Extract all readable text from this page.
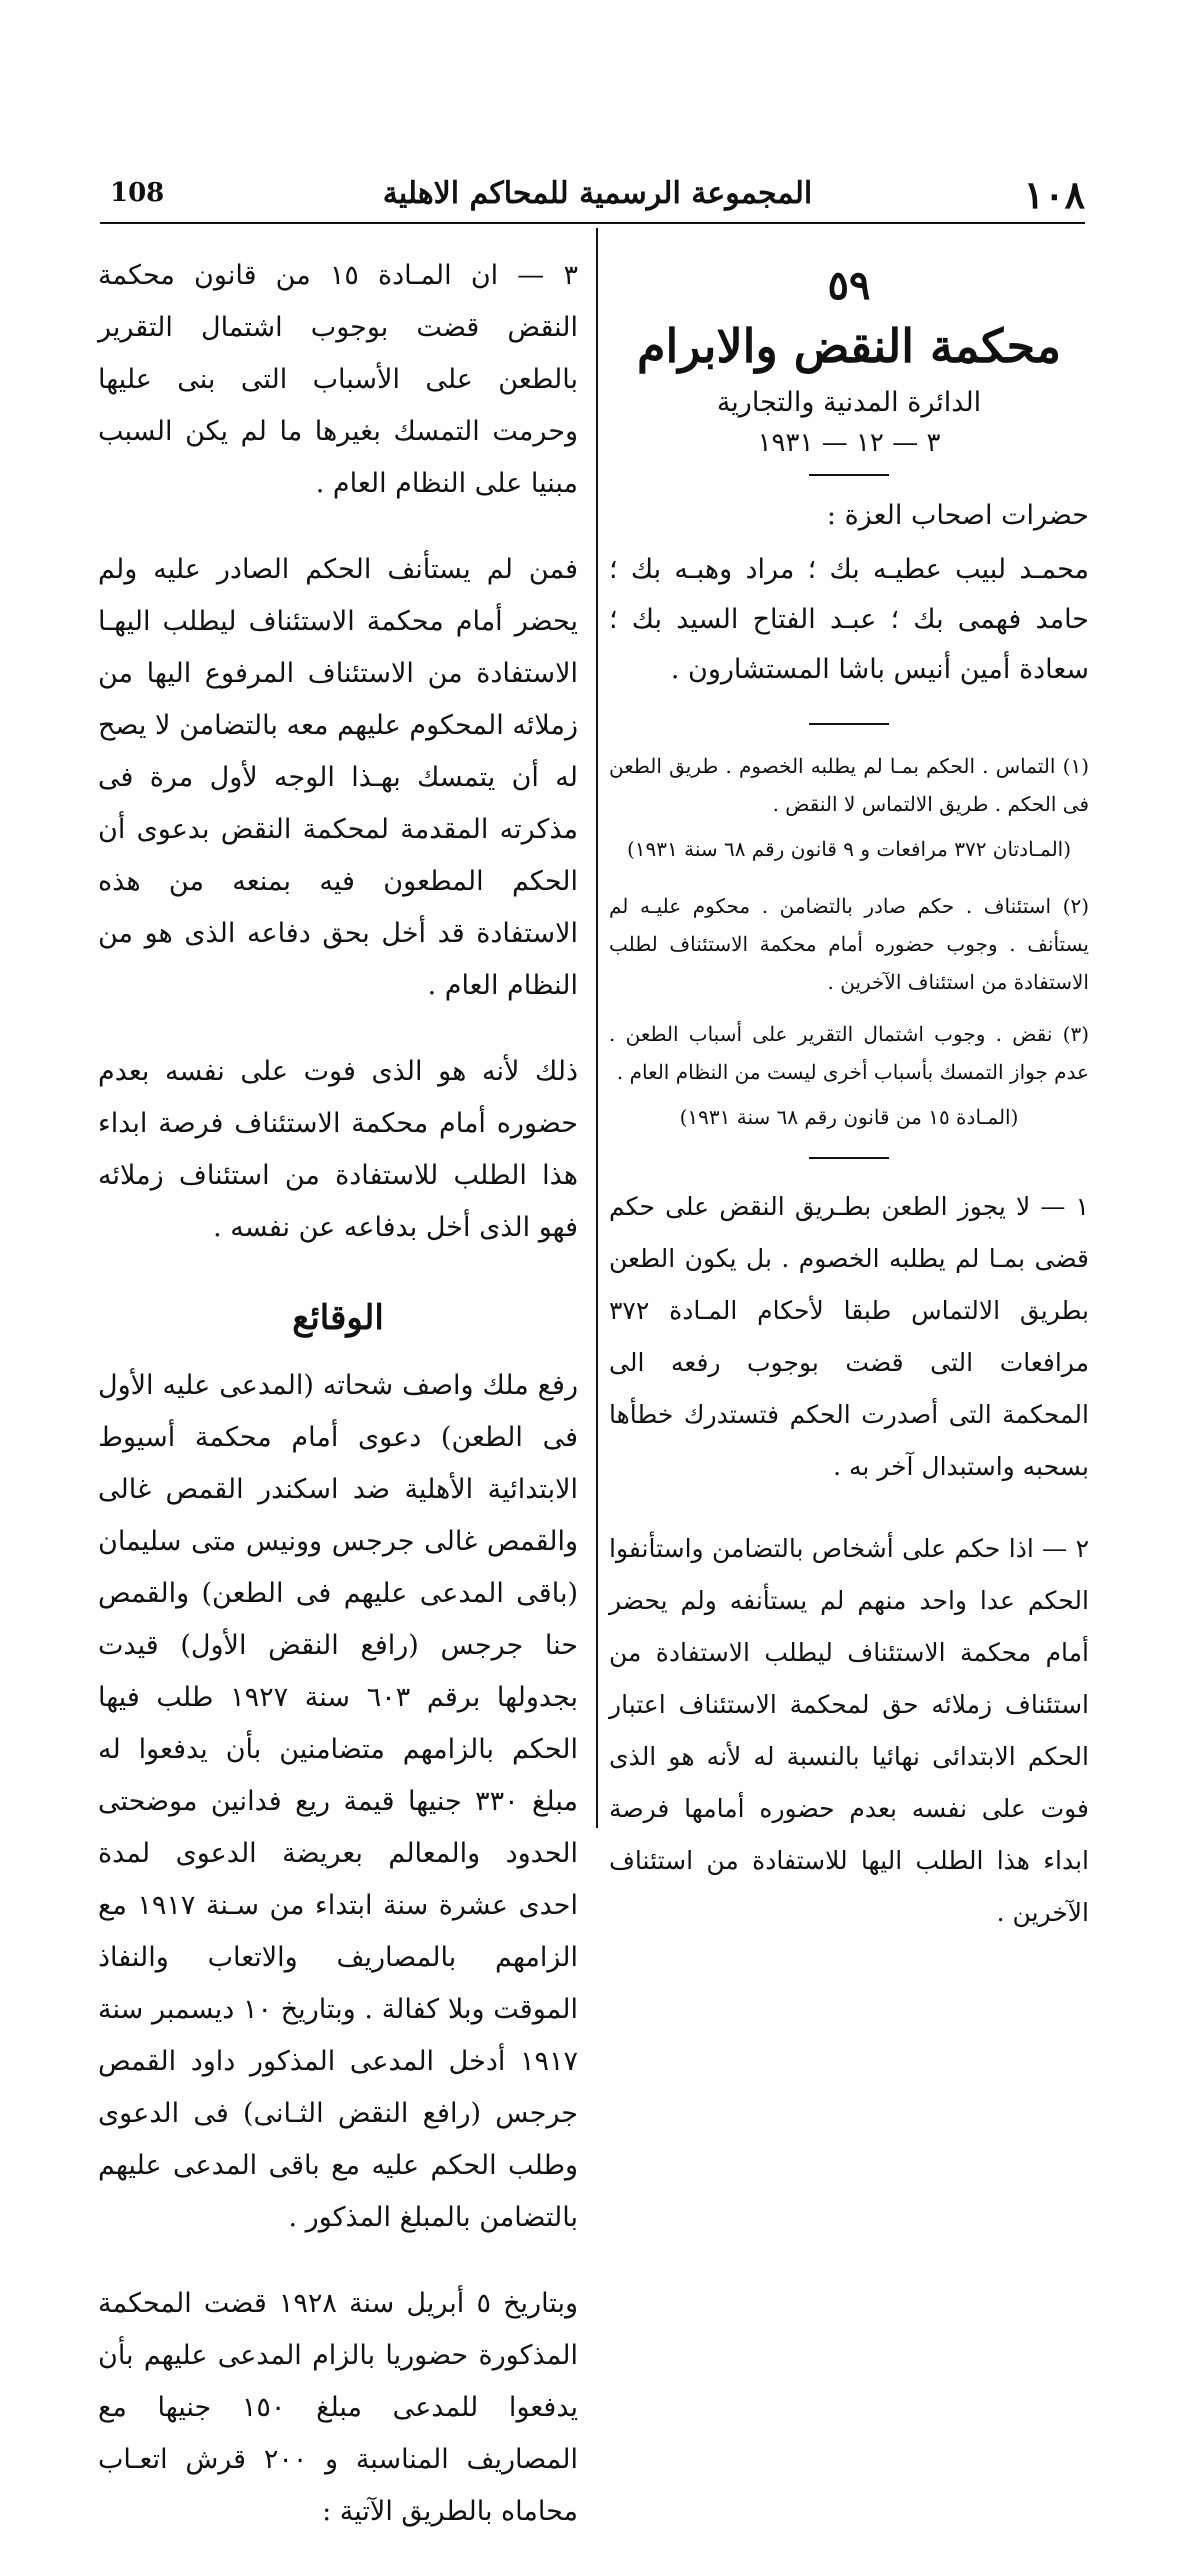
١٠٨
المجموعة الرسمية للمحاكم الاهلية
108
٥٩
محكمة النقض والابرام
الدائرة المدنية والتجارية
٣ — ١٢ — ١٩٣١
حضرات اصحاب العزة :

محمـد لبيب عطيـه بك ؛ مراد وهبـه بك ؛ حامد فهمى بك ؛ عبـد الفتاح السيد بك ؛ سعادة أمين أنيس باشا المستشارون .

(١) التماس . الحكم بمـا لم يطلبه الخصوم . طريق الطعن فى الحكم . طريق الالتماس لا النقض .

(المـادتان ٣٧٢ مرافعات و ٩ قانون رقم ٦٨ سنة ١٩٣١)

(٢) استئناف . حكم صادر بالتضامن . محكوم عليـه لم يستأنف . وجوب حضوره أمام محكمة الاستئناف لطلب الاستفادة من استئناف الآخرين .

(٣) نقض . وجوب اشتمال التقرير على أسباب الطعن . عدم جواز التمسك بأسباب أخرى ليست من النظام العام .

(المـادة ١٥ من قانون رقم ٦٨ سنة ١٩٣١)

١ — لا يجوز الطعن بطـريق النقض على حكم قضى بمـا لم يطلبه الخصوم . بل يكون الطعن بطريق الالتماس طبقا لأحكام المـادة ٣٧٢ مرافعات التى قضت بوجوب رفعه الى المحكمة التى أصدرت الحكم فتستدرك خطأها بسحبه واستبدال آخر به .

٢ — اذا حكم على أشخاص بالتضامن واستأنفوا الحكم عدا واحد منهم لم يستأنفه ولم يحضر أمام محكمة الاستئناف ليطلب الاستفادة من استئناف زملائه حق لمحكمة الاستئناف اعتبار الحكم الابتدائى نهائيا بالنسبة له لأنه هو الذى فوت على نفسه بعدم حضوره أمامها فرصة ابداء هذا الطلب اليها للاستفادة من استئناف الآخرين .

٣ — ان المـادة ١٥ من قانون محكمة النقض قضت بوجوب اشتمال التقرير بالطعن على الأسباب التى بنى عليها وحرمت التمسك بغيرها ما لم يكن السبب مبنيا على النظام العام .

فمن لم يستأنف الحكم الصادر عليه ولم يحضر أمام محكمة الاستئناف ليطلب اليهـا الاستفادة من الاستئناف المرفوع اليها من زملائه المحكوم عليهم معه بالتضامن لا يصح له أن يتمسك بهـذا الوجه لأول مرة فى مذكرته المقدمة لمحكمة النقض بدعوى أن الحكم المطعون فيه بمنعه من هذه الاستفادة قد أخل بحق دفاعه الذى هو من النظام العام .

ذلك لأنه هو الذى فوت على نفسه بعدم حضوره أمام محكمة الاستئناف فرصة ابداء هذا الطلب للاستفادة من استئناف زملائه فهو الذى أخل بدفاعه عن نفسه .

الوقائع

رفع ملك واصف شحاته (المدعى عليه الأول فى الطعن) دعوى أمام محكمة أسيوط الابتدائية الأهلية ضد اسكندر القمص غالى والقمص غالى جرجس وونيس متى سليمان (باقى المدعى عليهم فى الطعن) والقمص حنا جرجس (رافع النقض الأول) قيدت بجدولها برقم ٦٠٣ سنة ١٩٢٧ طلب فيها الحكم بالزامهم متضامنين بأن يدفعوا له مبلغ ٣٣٠ جنيها قيمة ريع فدانين موضحتى الحدود والمعالم بعريضة الدعوى لمدة احدى عشرة سنة ابتداء من سـنة ١٩١٧ مع الزامهم بالمصاريف والاتعاب والنفاذ الموقت وبلا كفالة . وبتاريخ ١٠ ديسمبر سنة ١٩١٧ أدخل المدعى المذكور داود القمص جرجس (رافع النقض الثـانى) فى الدعوى وطلب الحكم عليه مع باقى المدعى عليهم بالتضامن بالمبلغ المذكور .

وبتاريخ ٥ أبريل سنة ١٩٢٨ قضت المحكمة المذكورة حضوريا بالزام المدعى عليهم بأن يدفعوا للمدعى مبلغ ١٥٠ جنيها مع المصاريف المناسبة و ٢٠٠ قرش اتعـاب محاماه بالطريق الآتية :
